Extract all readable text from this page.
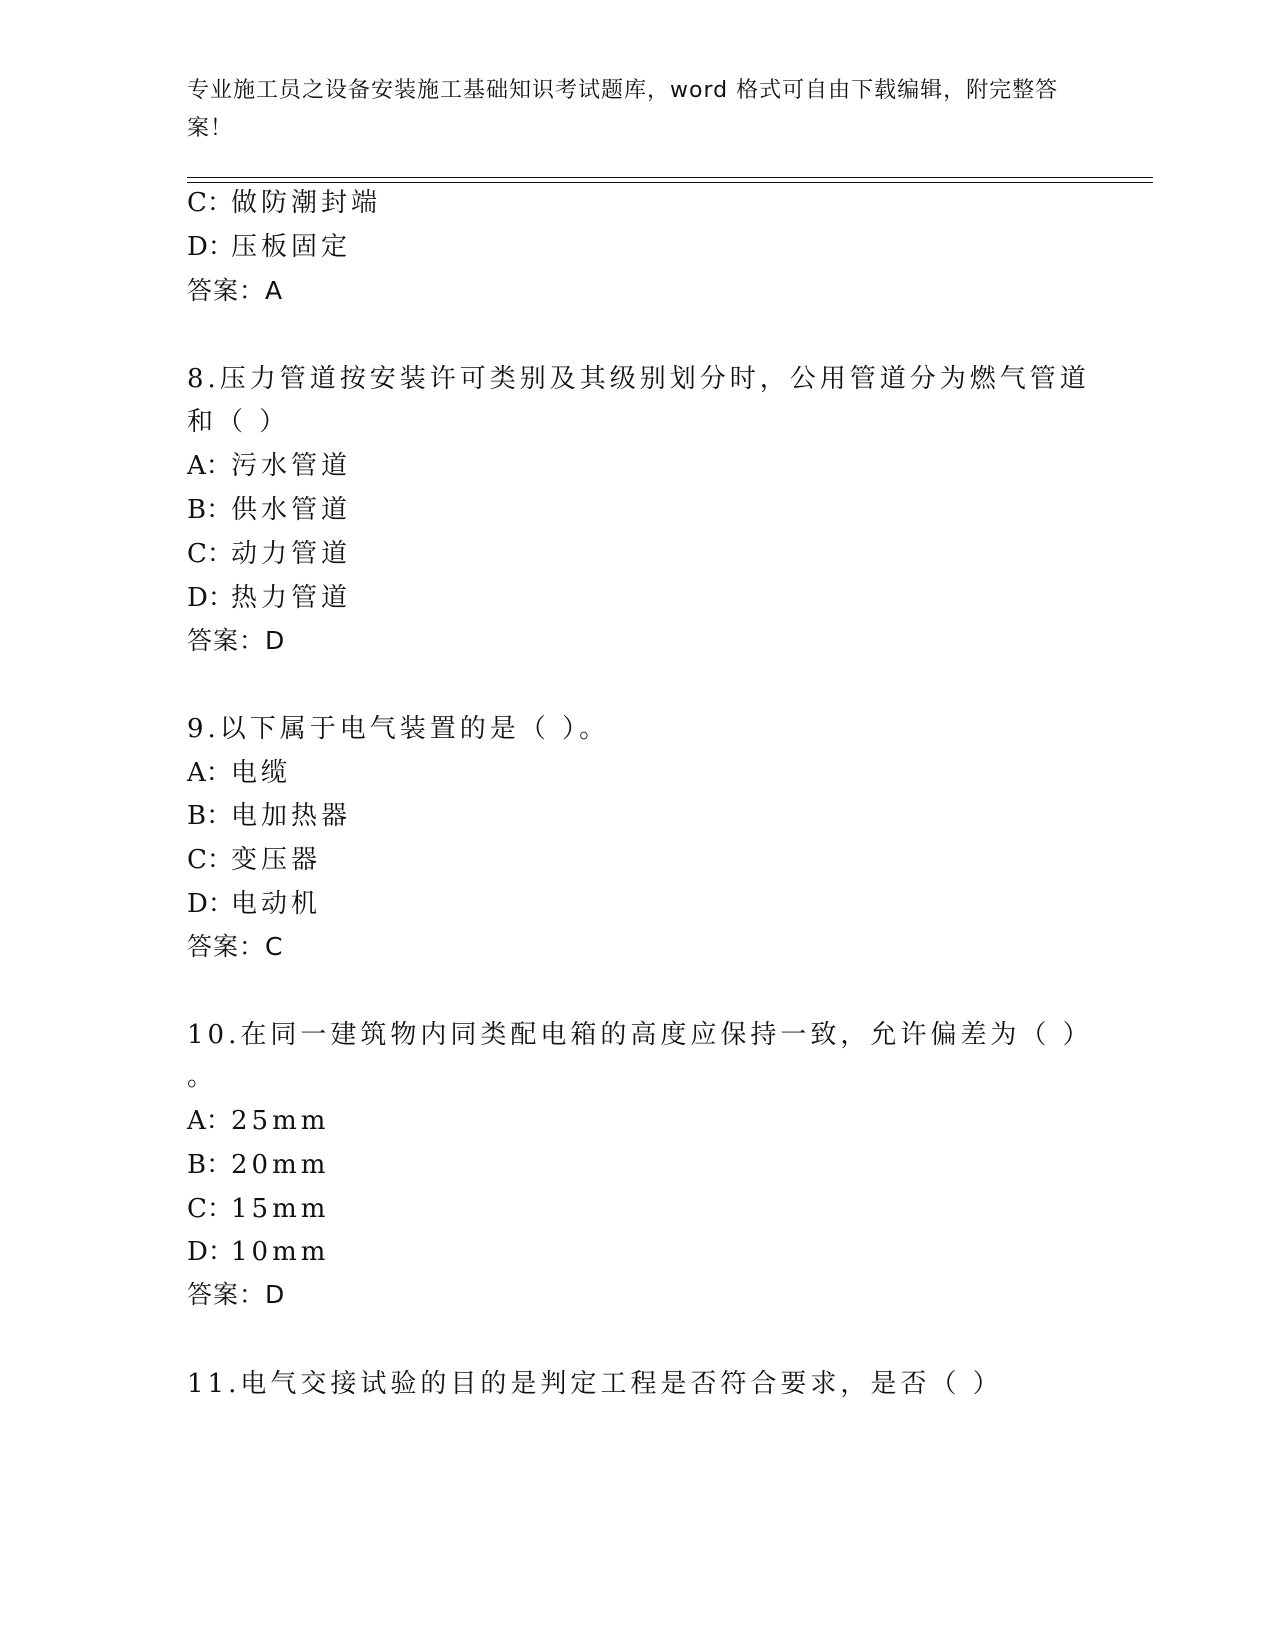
专业施工员之设备安装施工基础知识考试题库，word 格式可自由下载编辑，附完整答案！
C：做防潮封端
D：压板固定
答案：A
8.压力管道按安装许可类别及其级别划分时，公用管道分为燃气管道
和（ ）
A：污水管道
B：供水管道
C：动力管道
D：热力管道
答案：D
9.以下属于电气装置的是（ ）。
A：电缆
B：电加热器
C：变压器
D：电动机
答案：C
10.在同一建筑物内同类配电箱的高度应保持一致，允许偏差为（ ）
。
A：25mm
B：20mm
C：15mm
D：10mm
答案：D
11.电气交接试验的目的是判定工程是否符合要求，是否（ ）
